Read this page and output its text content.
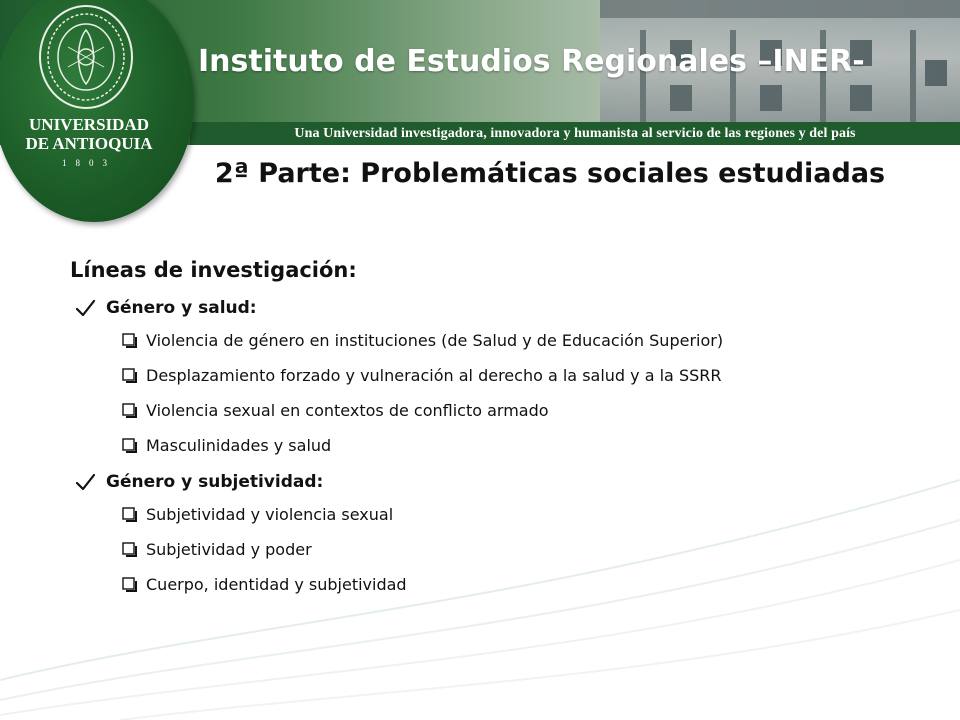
Una Universidad investigadora, innovadora y humanista al servicio de las regiones y del país
Instituto de Estudios Regionales –INER-
UNIVERSIDAD
DE ANTIOQUIA
1803	2ª Parte: Problemáticas sociales estudiadas
Líneas de investigación:
Género y salud:
Violencia de género en instituciones (de Salud y de Educación Superior)
Desplazamiento forzado y vulneración al derecho a la salud y a la SSRR
Violencia sexual en contextos de conflicto armado
Masculinidades y salud
Género y subjetividad:
Subjetividad y violencia sexual
Subjetividad y poder
Cuerpo, identidad y subjetividad
